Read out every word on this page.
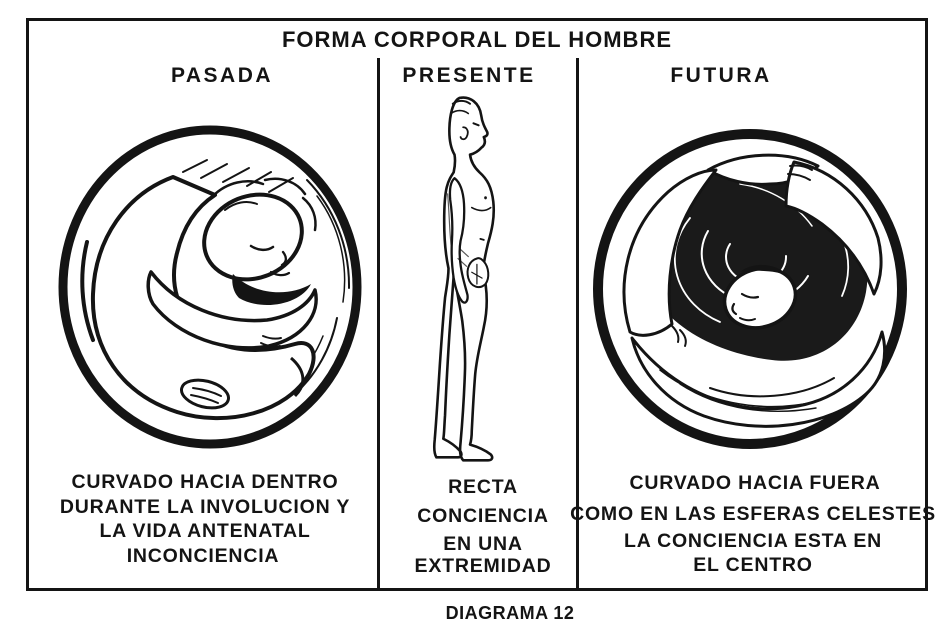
FORMA CORPORAL DEL HOMBRE
PASADA	PRESENTE	FUTURA
CURVADO HACIA DENTRO
DURANTE LA INVOLUCION Y
LA VIDA ANTENATAL
INCONCIENCIA
RECTA
CONCIENCIA
EN UNA
EXTREMIDAD
CURVADO HACIA FUERA
COMO EN LAS ESFERAS CELESTES
LA CONCIENCIA ESTA EN
EL CENTRO
DIAGRAMA 12
